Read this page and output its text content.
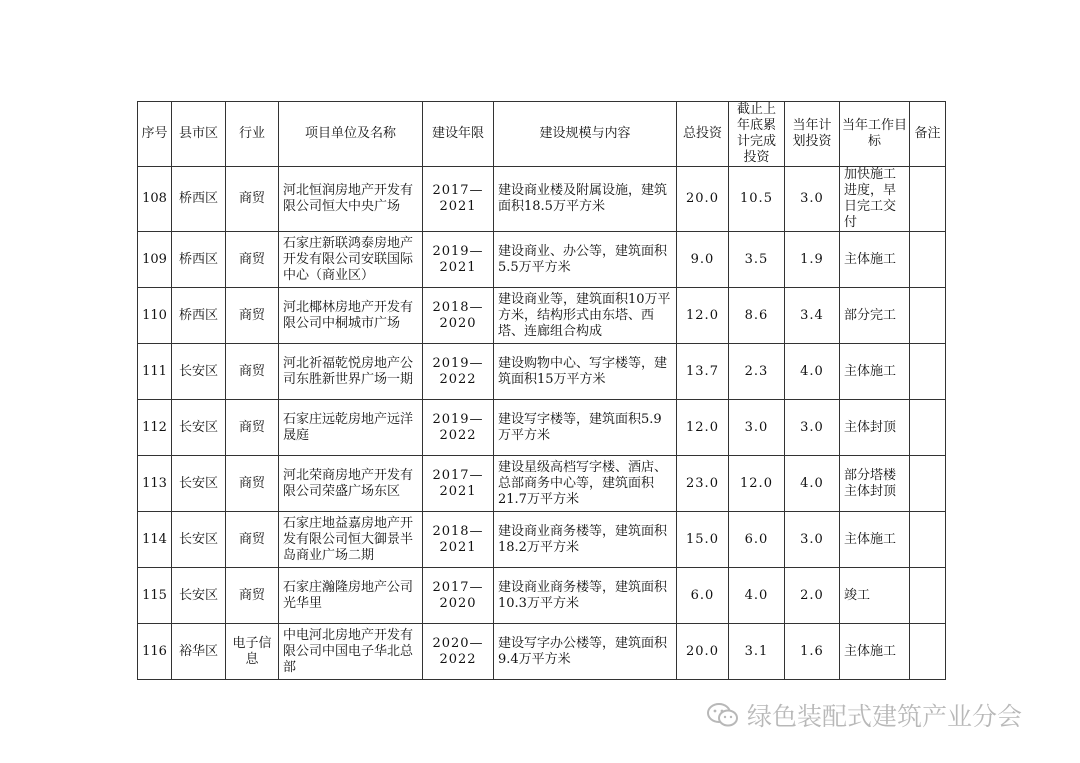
序号	县市区	行业	项目单位及名称	建设年限	建设规模与内容	总投资	截止上年底累计完成投资	当年计划投资	当年工作目标	备注
108	桥西区	商贸	河北恒润房地产开发有限公司恒大中央广场	2017—2021	建设商业楼及附属设施，建筑面积18.5万平方米	20.0	10.5	3.0	加快施工进度，早日完工交付	
109	桥西区	商贸	石家庄新联鸿泰房地产开发有限公司安联国际中心（商业区）	2019—2021	建设商业、办公等，建筑面积5.5万平方米	9.0	3.5	1.9	主体施工	
110	桥西区	商贸	河北椰林房地产开发有限公司中桐城市广场	2018—2020	建设商业等，建筑面积10万平方米，结构形式由东塔、西塔、连廊组合构成	12.0	8.6	3.4	部分完工	
111	长安区	商贸	河北祈福乾悦房地产公司东胜新世界广场一期	2019—2022	建设购物中心、写字楼等，建筑面积15万平方米	13.7	2.3	4.0	主体施工	
112	长安区	商贸	石家庄远乾房地产远洋晟庭	2019—2022	建设写字楼等，建筑面积5.9万平方米	12.0	3.0	3.0	主体封顶	
113	长安区	商贸	河北荣商房地产开发有限公司荣盛广场东区	2017—2021	建设星级高档写字楼、酒店、总部商务中心等，建筑面积21.7万平方米	23.0	12.0	4.0	部分塔楼主体封顶	
114	长安区	商贸	石家庄地益嘉房地产开发有限公司恒大御景半岛商业广场二期	2018—2021	建设商业商务楼等，建筑面积18.2万平方米	15.0	6.0	3.0	主体施工	
115	长安区	商贸	石家庄瀚隆房地产公司光华里	2017—2020	建设商业商务楼等，建筑面积10.3万平方米	6.0	4.0	2.0	竣工	
116	裕华区	电子信息	中电河北房地产开发有限公司中国电子华北总部	2020—2022	建设写字办公楼等，建筑面积9.4万平方米	20.0	3.1	1.6	主体施工	
绿色装配式建筑产业分会
